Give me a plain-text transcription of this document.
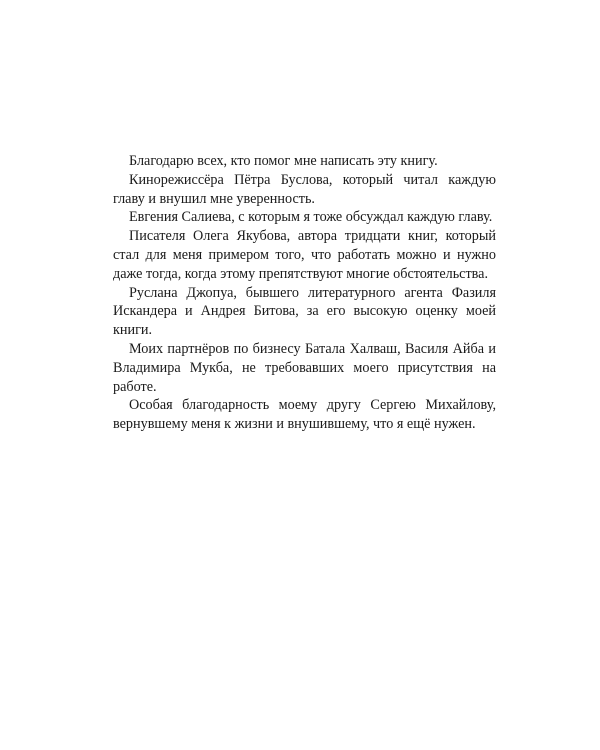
Благодарю всех, кто помог мне написать эту книгу.

Кинорежиссёра Пётра Буслова, который читал каждую главу и внушил мне уверенность.

Евгения Салиева, с которым я тоже обсуждал каждую главу.

Писателя Олега Якубова, автора тридцати книг, который стал для меня примером того, что работать можно и нужно даже тогда, когда этому препятствуют многие обстоятельства.

Руслана Джопуа, бывшего литературного агента Фазиля Искандера и Андрея Битова, за его высокую оценку моей книги.

Моих партнёров по бизнесу Батала Халваш, Василя Айба и Владимира Мукба, не требовавших моего присутствия на работе.

Особая благодарность моему другу Сергею Михайлову, вернувшему меня к жизни и внушившему, что я ещё нужен.
